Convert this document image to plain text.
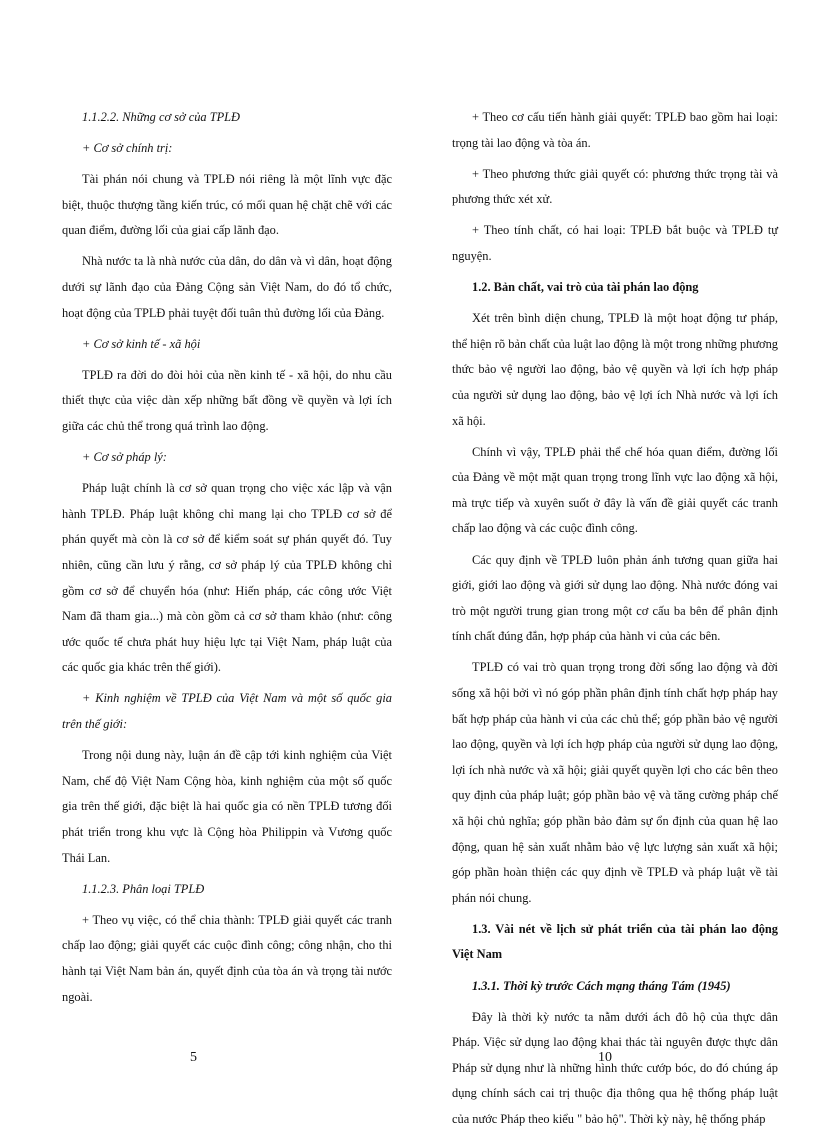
1.1.2.2. Những cơ sở của TPLĐ

+ Cơ sở chính trị:

Tài phán nói chung và TPLĐ nói riêng là một lĩnh vực đặc biệt, thuộc thượng tầng kiến trúc, có mối quan hệ chặt chẽ với các quan điểm, đường lối của giai cấp lãnh đạo.

Nhà nước ta là nhà nước của dân, do dân và vì dân, hoạt động dưới sự lãnh đạo của Đảng Cộng sản Việt Nam, do đó tổ chức, hoạt động của TPLĐ phải tuyệt đối tuân thủ đường lối của Đảng.

+ Cơ sở kinh tế - xã hội

TPLĐ ra đời do đòi hỏi của nền kinh tế - xã hội, do nhu cầu thiết thực của việc dàn xếp những bất đồng về quyền và lợi ích giữa các chủ thể trong quá trình lao động.

+ Cơ sở pháp lý:

Pháp luật chính là cơ sở quan trọng cho việc xác lập và vận hành TPLĐ. Pháp luật không chỉ mang lại cho TPLĐ cơ sở để phán quyết mà còn là cơ sở để kiểm soát sự phán quyết đó. Tuy nhiên, cũng cần lưu ý rằng, cơ sở pháp lý của TPLĐ không chỉ gồm cơ sở để chuyển hóa (như: Hiến pháp, các công ước Việt Nam đã tham gia...) mà còn gồm cả cơ sở tham khảo (như: công ước quốc tế chưa phát huy hiệu lực tại Việt Nam, pháp luật của các quốc gia khác trên thế giới).

+ Kinh nghiệm về TPLĐ của Việt Nam và một số quốc gia trên thế giới:

Trong nội dung này, luận án đề cập tới kinh nghiệm của Việt Nam, chế độ Việt Nam Cộng hòa, kinh nghiệm của một số quốc gia trên thế giới, đặc biệt là hai quốc gia có nền TPLĐ tương đối phát triển trong khu vực là Cộng hòa Philippin và Vương quốc Thái Lan.

1.1.2.3. Phân loại TPLĐ

+ Theo vụ việc, có thể chia thành: TPLĐ giải quyết các tranh chấp lao động; giải quyết các cuộc đình công; công nhận, cho thi hành tại Việt Nam bản án, quyết định của tòa án và trọng tài nước ngoài.

+ Theo cơ cấu tiến hành giải quyết: TPLĐ bao gồm hai loại: trọng tài lao động và tòa án.

+ Theo phương thức giải quyết có: phương thức trọng tài và phương thức xét xử.

+ Theo tính chất, có hai loại: TPLĐ bắt buộc và TPLĐ tự nguyện.

1.2. Bản chất, vai trò của tài phán lao động

Xét trên bình diện chung, TPLĐ là một hoạt động tư pháp, thể hiện rõ bản chất của luật lao động là một trong những phương thức bảo vệ người lao động, bảo vệ quyền và lợi ích hợp pháp của người sử dụng lao động, bảo vệ lợi ích Nhà nước và lợi ích xã hội.

Chính vì vậy, TPLĐ phải thể chế hóa quan điểm, đường lối của Đảng về một mặt quan trọng trong lĩnh vực lao động xã hội, mà trực tiếp và xuyên suốt ở đây là vấn đề giải quyết các tranh chấp lao động và các cuộc đình công.

Các quy định về TPLĐ luôn phản ánh tương quan giữa hai giới, giới lao động và giới sử dụng lao động. Nhà nước đóng vai trò một người trung gian trong một cơ cấu ba bên để phân định tính chất đúng đắn, hợp pháp của hành vi của các bên.

TPLĐ có vai trò quan trọng trong đời sống lao động và đời sống xã hội bởi vì nó góp phần phân định tính chất hợp pháp hay bất hợp pháp của hành vi của các chủ thể; góp phần bảo vệ người lao động, quyền và lợi ích hợp pháp của người sử dụng lao động, lợi ích nhà nước và xã hội; giải quyết quyền lợi cho các bên theo quy định của pháp luật; góp phần bảo vệ và tăng cường pháp chế xã hội chủ nghĩa; góp phần bảo đảm sự ổn định của quan hệ lao động, quan hệ sản xuất nhằm bảo vệ lực lượng sản xuất xã hội; góp phần hoàn thiện các quy định về TPLĐ và pháp luật về tài phán nói chung.

1.3. Vài nét về lịch sử phát triển của tài phán lao động Việt Nam

1.3.1. Thời kỳ trước Cách mạng tháng Tám (1945)

Đây là thời kỳ nước ta nằm dưới ách đô hộ của thực dân Pháp. Việc sử dụng lao động khai thác tài nguyên được thực dân Pháp sử dụng như là những hình thức cướp bóc, do đó chúng áp dụng chính sách cai trị thuộc địa thông qua hệ thống pháp luật của nước Pháp theo kiểu " bảo hộ". Thời kỳ này, hệ thống pháp

5	10
